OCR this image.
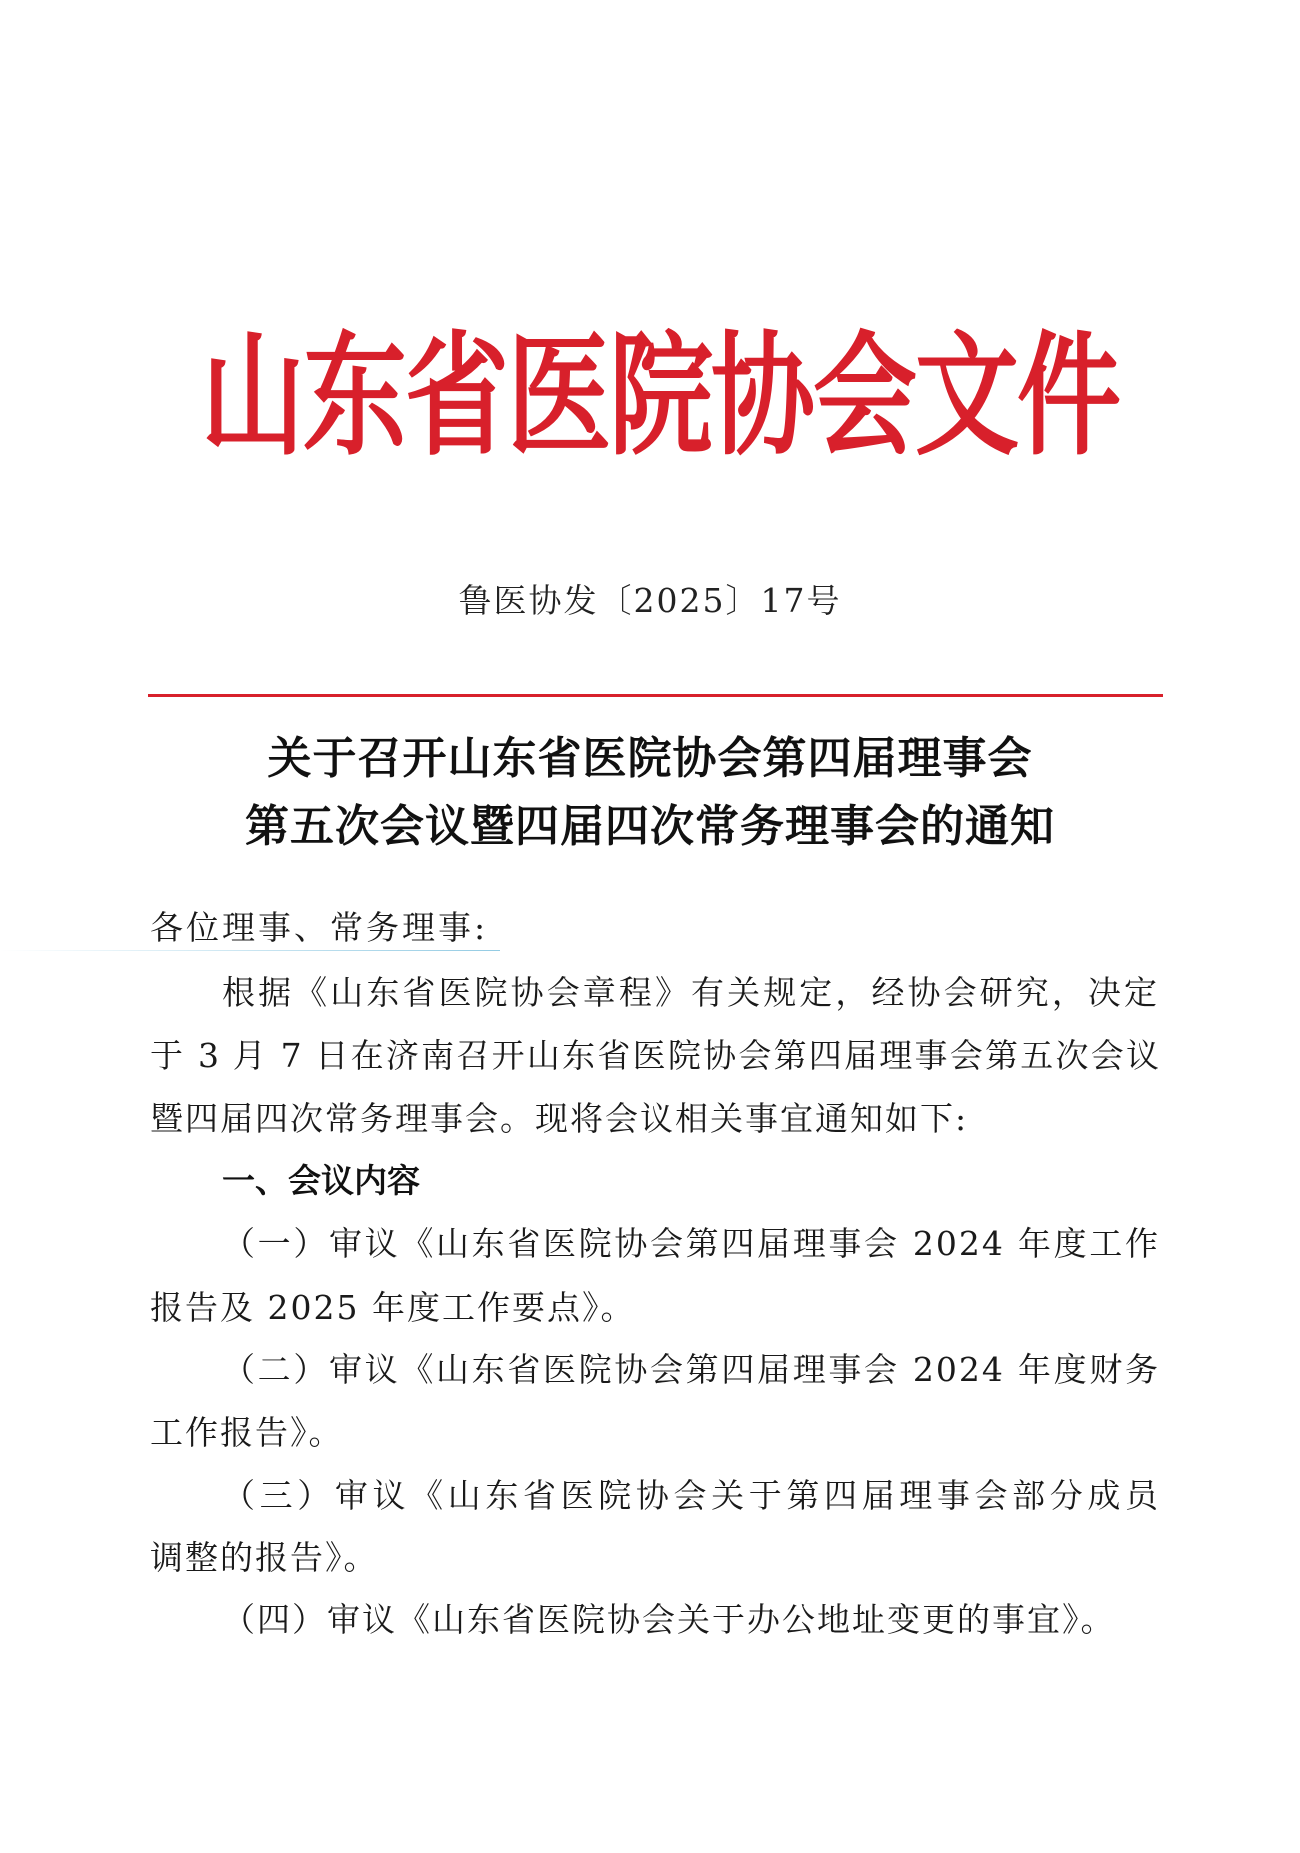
山东省医院协会文件
鲁医协发〔2025〕17号
关于召开山东省医院协会第四届理事会
第五次会议暨四届四次常务理事会的通知
各位理事、常务理事:
根据《山东省医院协会章程》有关规定，经协会研究，决定
于 3 月 7 日在济南召开山东省医院协会第四届理事会第五次会议
暨四届四次常务理事会。现将会议相关事宜通知如下:
一、会议内容
（一）审议《山东省医院协会第四届理事会 2024 年度工作
报告及 2025 年度工作要点》。
（二）审议《山东省医院协会第四届理事会 2024 年度财务
工作报告》。
（三）审议《山东省医院协会关于第四届理事会部分成员
调整的报告》。
（四）审议《山东省医院协会关于办公地址变更的事宜》。
